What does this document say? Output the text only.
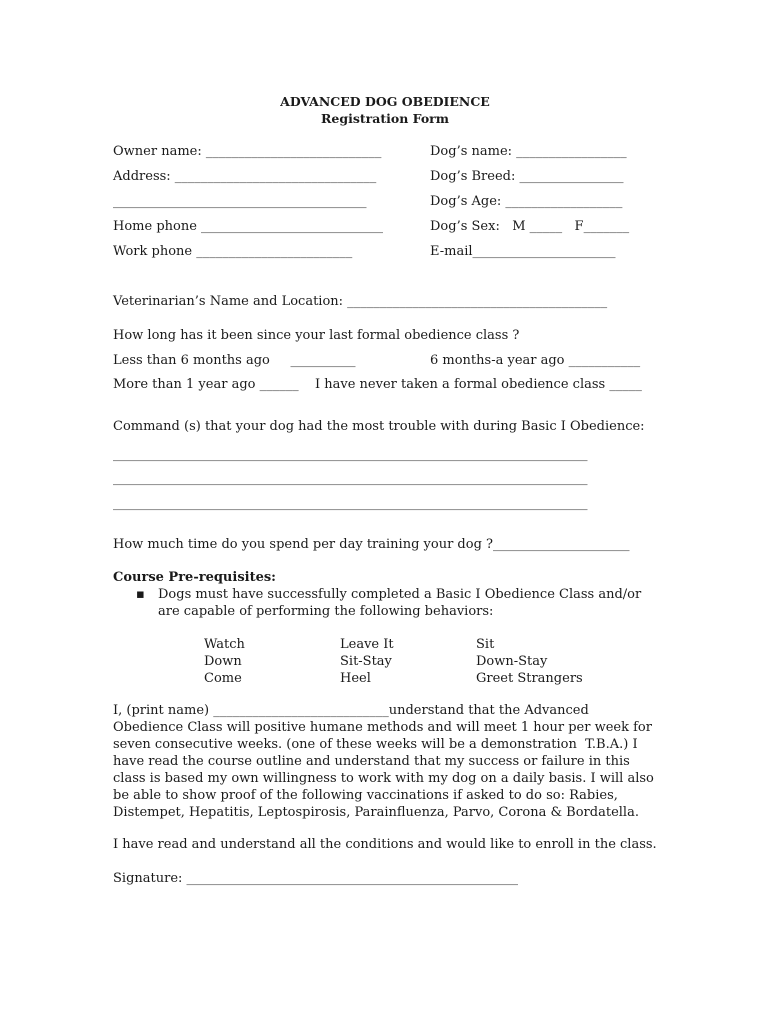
ADVANCED DOG OBEDIENCE
Registration Form
Owner name: ___________________________	Dog’s name: _________________
Address: _______________________________	Dog’s Breed: ________________
_______________________________________	Dog’s Age: __________________
Home phone ____________________________	Dog’s Sex:   M _____   F_______
Work phone ________________________	E-mail______________________
Veterinarian’s Name and Location: ________________________________________
How long has it been since your last formal obedience class ?
Less than 6 months ago     __________	6 months-a year ago ___________
More than 1 year ago ______ I have never taken a formal obedience class _____
Command (s) that your dog had the most trouble with during Basic I Obedience:
_________________________________________________________________________
_________________________________________________________________________
_________________________________________________________________________
How much time do you spend per day training your dog ?_____________________
Course Pre-requisites:
▪ Dogs must have successfully completed a Basic I Obedience Class and/or
are capable of performing the following behaviors:
Watch	Leave It	Sit
Down	Sit-Stay	Down-Stay
Come	Heel	Greet Strangers
I, (print name) ___________________________understand that the Advanced
Obedience Class will positive humane methods and will meet 1 hour per week for
seven consecutive weeks. (one of these weeks will be a demonstration  T.B.A.) I
have read the course outline and understand that my success or failure in this
class is based my own willingness to work with my dog on a daily basis. I will also
be able to show proof of the following vaccinations if asked to do so: Rabies,
Distempet, Hepatitis, Leptospirosis, Parainfluenza, Parvo, Corona & Bordatella.
I have read and understand all the conditions and would like to enroll in the class.
Signature: ___________________________________________________
